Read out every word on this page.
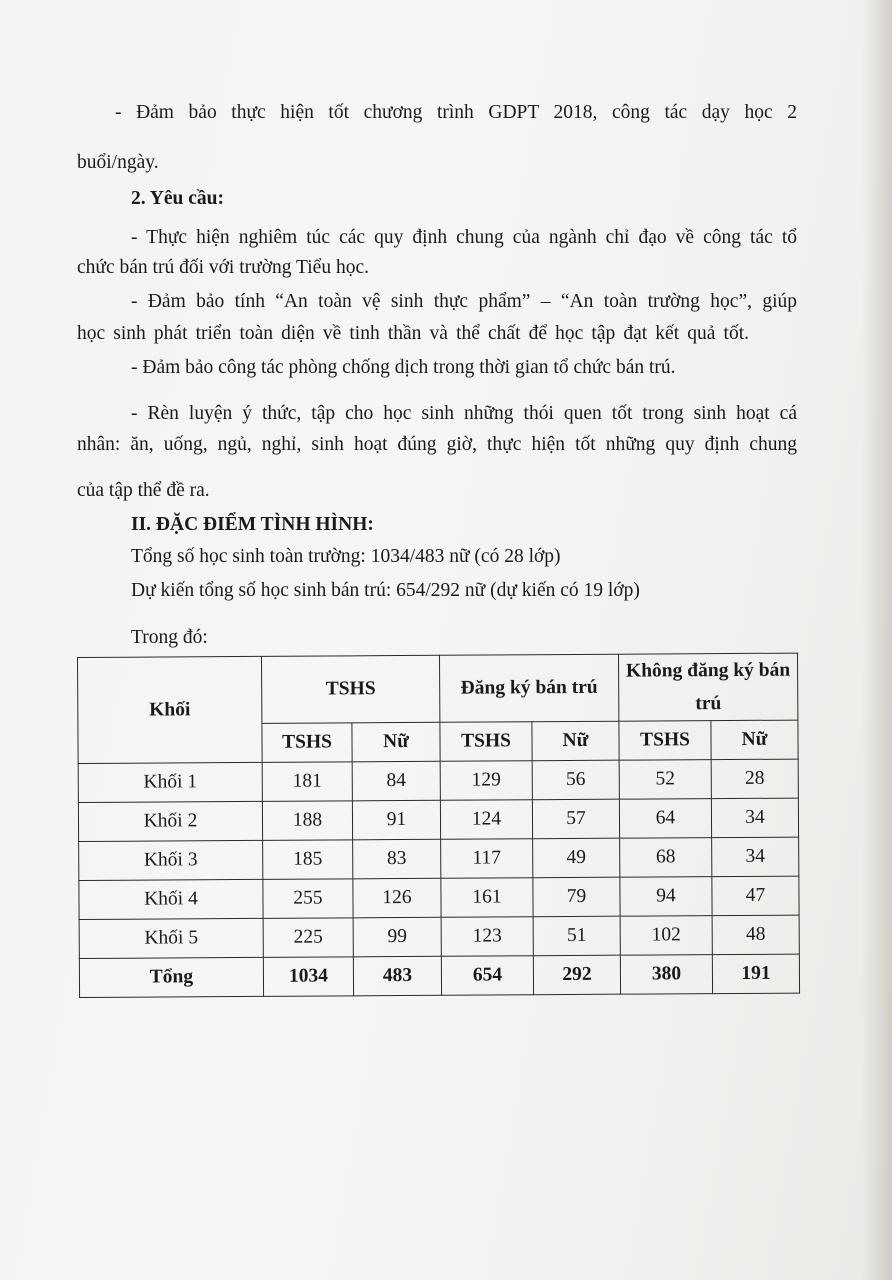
- Đảm bảo thực hiện tốt chương trình GDPT 2018, công tác dạy học 2

buổi/ngày.

2. Yêu cầu:

- Thực hiện nghiêm túc các quy định chung của ngành chỉ đạo về công tác tổ

chức bán trú đối với trường Tiểu học.

- Đảm bảo tính “An toàn vệ sinh thực phẩm” – “An toàn trường học”, giúp

học sinh phát triển toàn diện về tinh thần và thể chất để học tập đạt kết quả tốt.

- Đảm bảo công tác phòng chống dịch trong thời gian tổ chức bán trú.

- Rèn luyện ý thức, tập cho học sinh những thói quen tốt trong sinh hoạt cá

nhân: ăn, uống, ngủ, nghỉ, sinh hoạt đúng giờ, thực hiện tốt những quy định chung

của tập thể đề ra.

II. ĐẶC ĐIỂM TÌNH HÌNH:

Tổng số học sinh toàn trường: 1034/483 nữ (có 28 lớp)

Dự kiến tổng số học sinh bán trú: 654/292 nữ (dự kiến có 19 lớp)

Trong đó:

Khối	TSHS		Đăng ký bán trú		Không đăng ký bán trú	
	TSHS	Nữ	TSHS	Nữ	TSHS	Nữ
Khối 1	181	84	129	56	52	28
Khối 2	188	91	124	57	64	34
Khối 3	185	83	117	49	68	34
Khối 4	255	126	161	79	94	47
Khối 5	225	99	123	51	102	48
Tổng	1034	483	654	292	380	191
